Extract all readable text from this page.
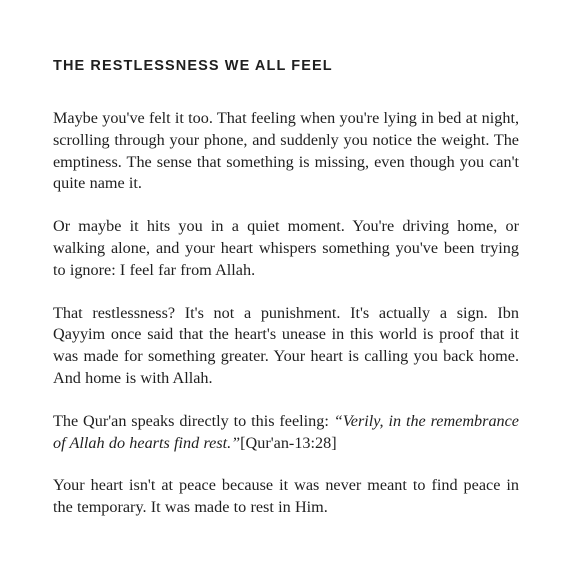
THE RESTLESSNESS WE ALL FEEL

Maybe you've felt it too. That feeling when you're lying in bed at night, scrolling through your phone, and suddenly you notice the weight. The emptiness. The sense that something is missing, even though you can't quite name it.

Or maybe it hits you in a quiet moment. You're driving home, or walking alone, and your heart whispers something you've been trying to ignore: I feel far from Allah.

That restlessness? It's not a punishment. It's actually a sign. Ibn Qayyim once said that the heart's unease in this world is proof that it was made for something greater. Your heart is calling you back home. And home is with Allah.

The Qur'an speaks directly to this feeling: “Verily, in the remembrance of Allah do hearts find rest.”[Qur'an-13:28]

Your heart isn't at peace because it was never meant to find peace in the temporary. It was made to rest in Him.
